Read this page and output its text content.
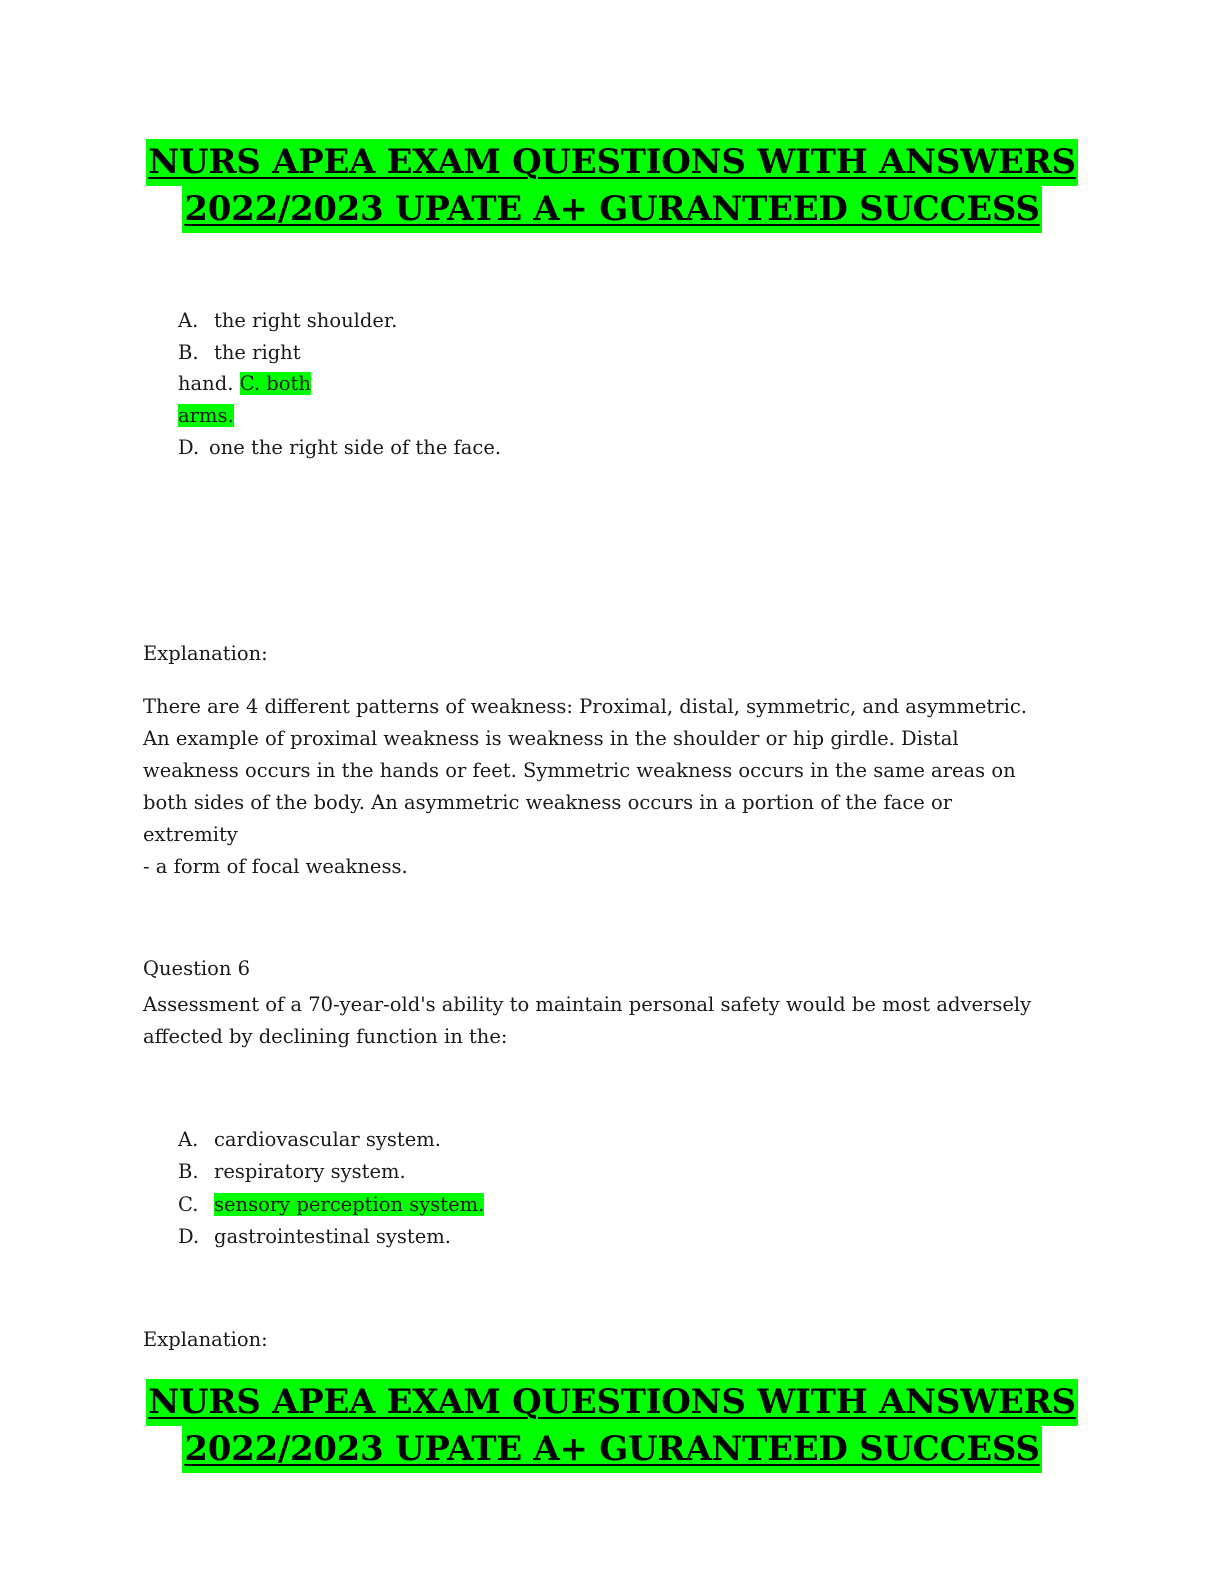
NURS APEA EXAM QUESTIONS WITH ANSWERS
2022/2023 UPATE A+ GURANTEED SUCCESS
A. the right shoulder.
B. the right
hand. C. both
arms.
D. one the right side of the face.
Explanation:
There are 4 different patterns of weakness: Proximal, distal, symmetric, and asymmetric.
An example of proximal weakness is weakness in the shoulder or hip girdle. Distal
weakness occurs in the hands or feet. Symmetric weakness occurs in the same areas on
both sides of the body. An asymmetric weakness occurs in a portion of the face or
extremity
- a form of focal weakness.
Question 6
Assessment of a 70-year-old's ability to maintain personal safety would be most adversely
affected by declining function in the:
A. cardiovascular system.
B. respiratory system.
C. sensory perception system.
D. gastrointestinal system.
Explanation:
NURS APEA EXAM QUESTIONS WITH ANSWERS
2022/2023 UPATE A+ GURANTEED SUCCESS
